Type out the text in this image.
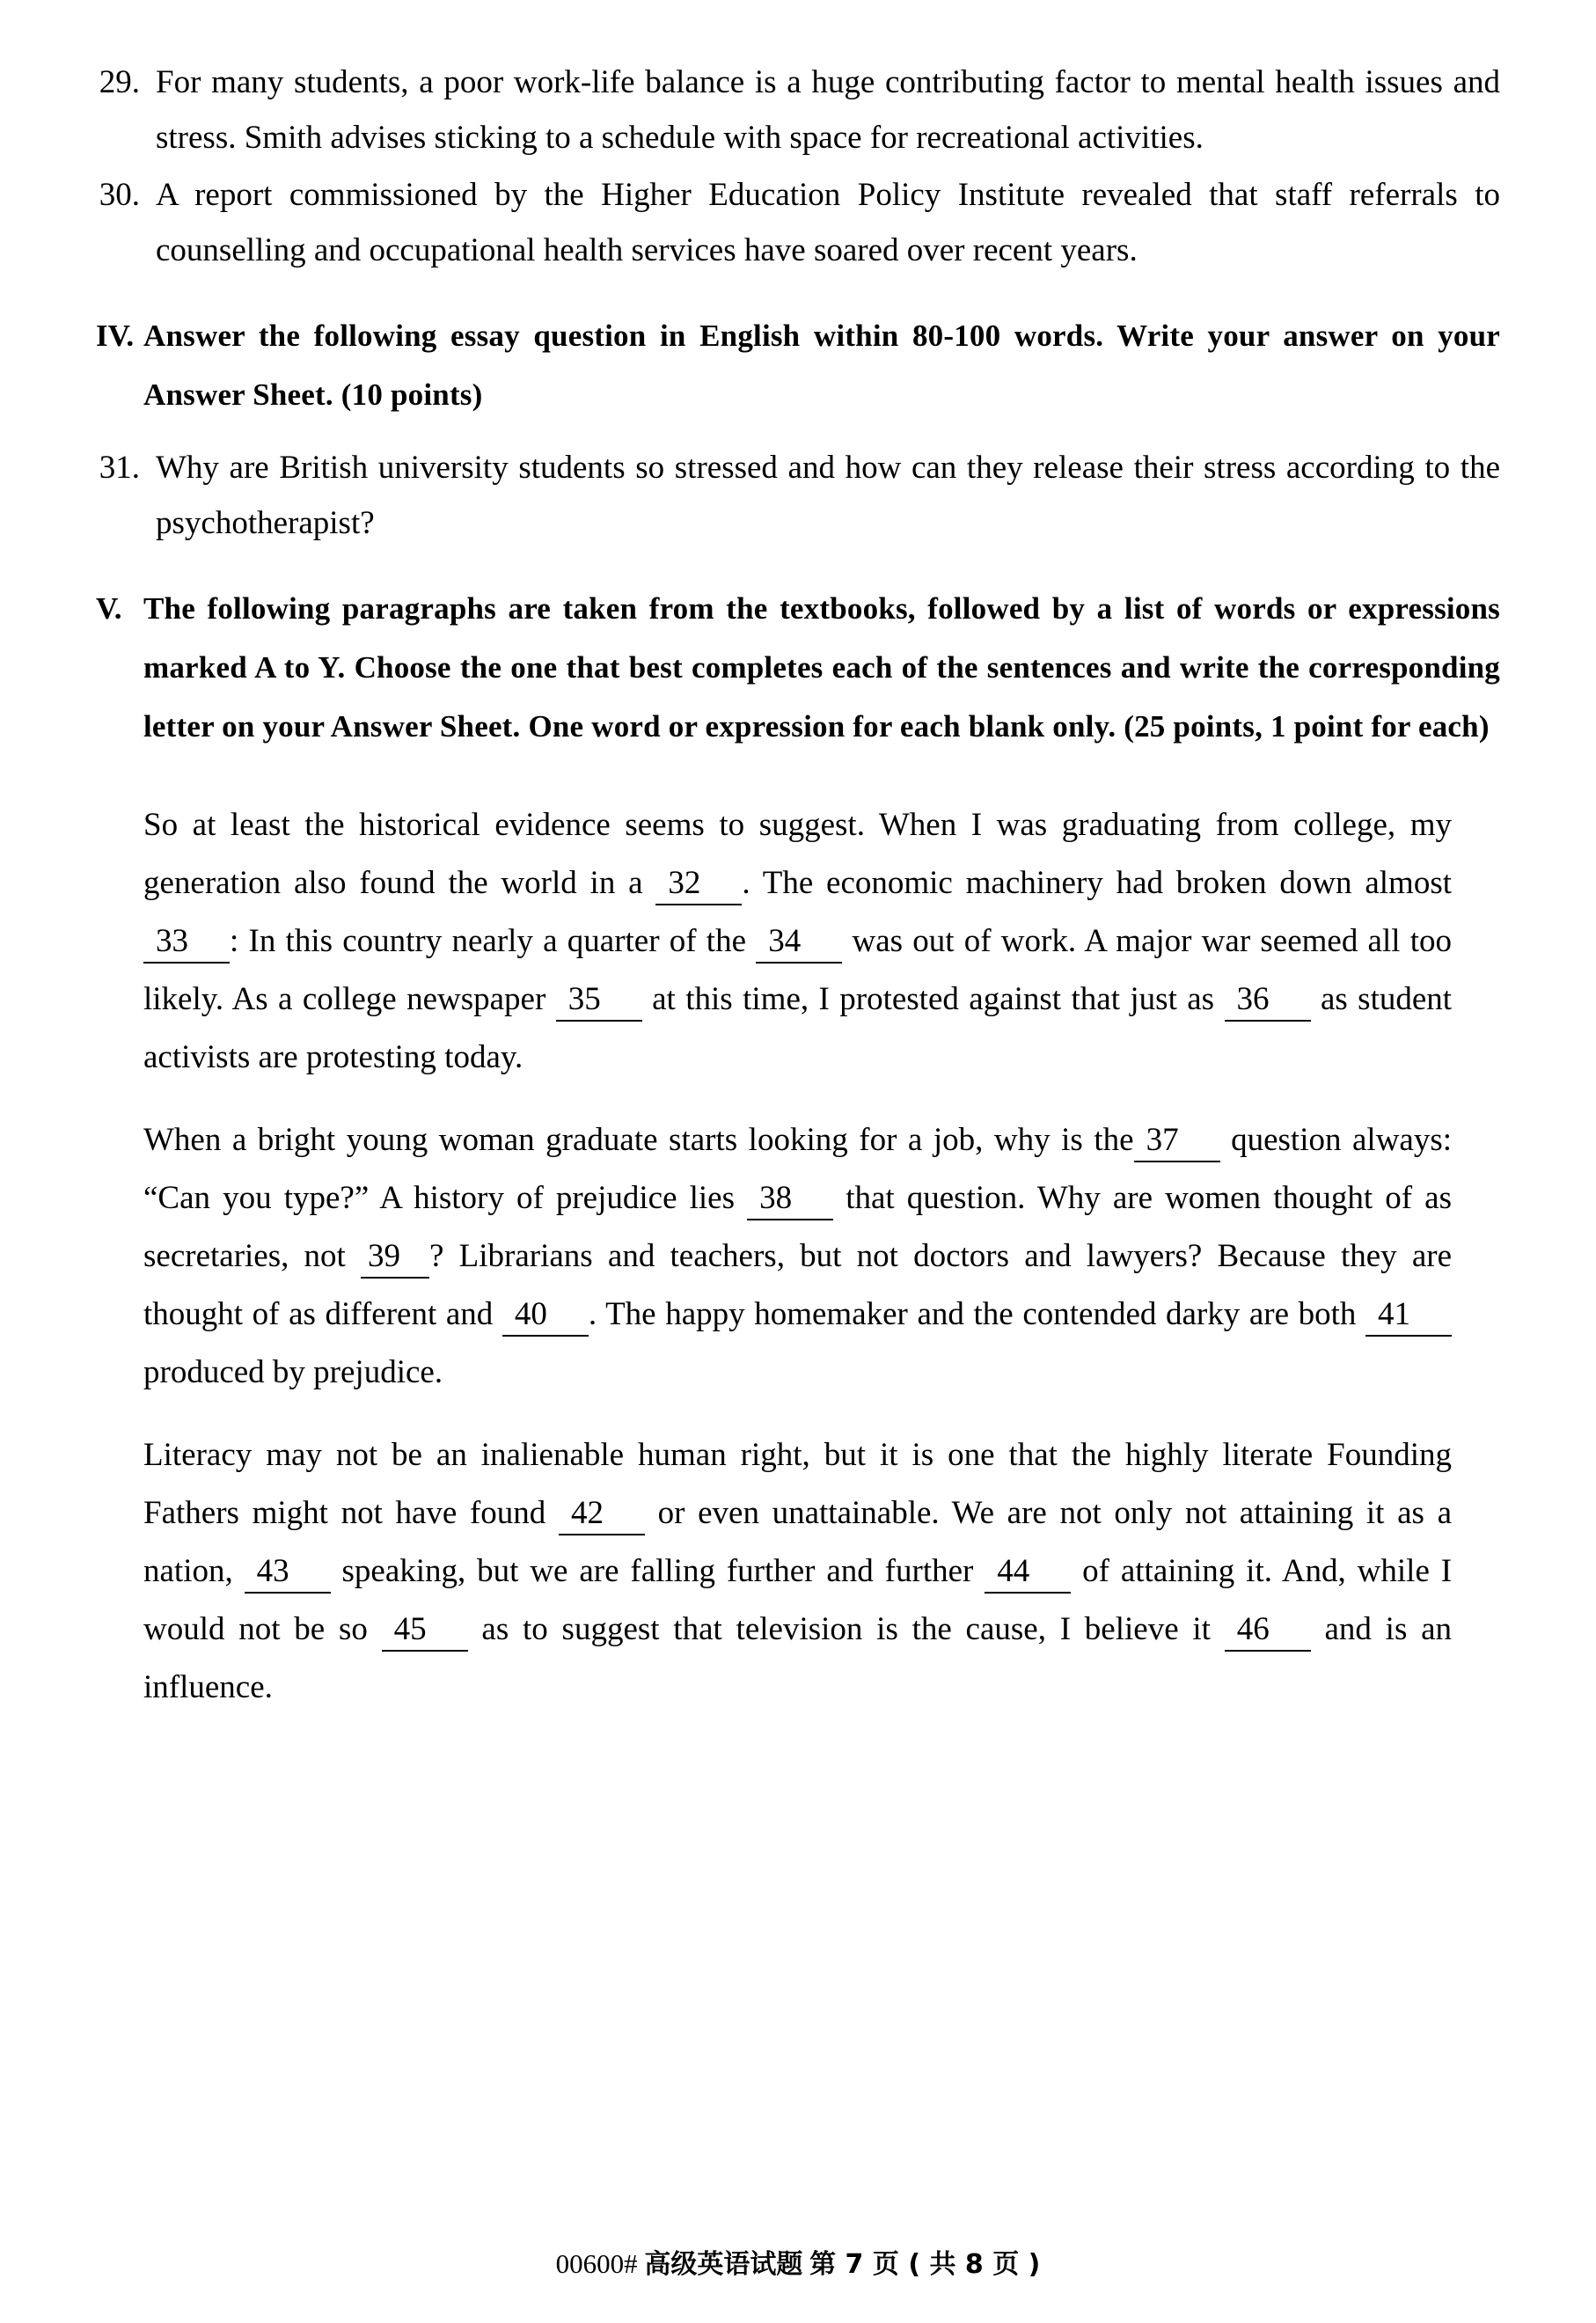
29. For many students, a poor work-life balance is a huge contributing factor to mental health issues and stress. Smith advises sticking to a schedule with space for recreational activities.
30. A report commissioned by the Higher Education Policy Institute revealed that staff referrals to counselling and occupational health services have soared over recent years.
IV. Answer the following essay question in English within 80-100 words. Write your answer on your Answer Sheet. (10 points)
31. Why are British university students so stressed and how can they release their stress according to the psychotherapist?
V. The following paragraphs are taken from the textbooks, followed by a list of words or expressions marked A to Y. Choose the one that best completes each of the sentences and write the corresponding letter on your Answer Sheet. One word or expression for each blank only. (25 points, 1 point for each)

So at least the historical evidence seems to suggest. When I was graduating from college, my generation also found the world in a 32 . The economic machinery had broken down almost 33 : In this country nearly a quarter of the 34 was out of work. A major war seemed all too likely. As a college newspaper 35 at this time, I protested against that just as 36 as student activists are protesting today.

When a bright young woman graduate starts looking for a job, why is the 37 question always: “Can you type?” A history of prejudice lies 38 that question. Why are women thought of as secretaries, not 39 ? Librarians and teachers, but not doctors and lawyers? Because they are thought of as different and 40 . The happy homemaker and the contended darky are both 41 produced by prejudice.

Literacy may not be an inalienable human right, but it is one that the highly literate Founding Fathers might not have found 42 or even unattainable. We are not only not attaining it as a nation, 43 speaking, but we are falling further and further 44 of attaining it. And, while I would not be so 45 as to suggest that television is the cause, I believe it 46 and is an influence.

00600# 高级英语试题 第 7 页 ( 共 8 页 )
